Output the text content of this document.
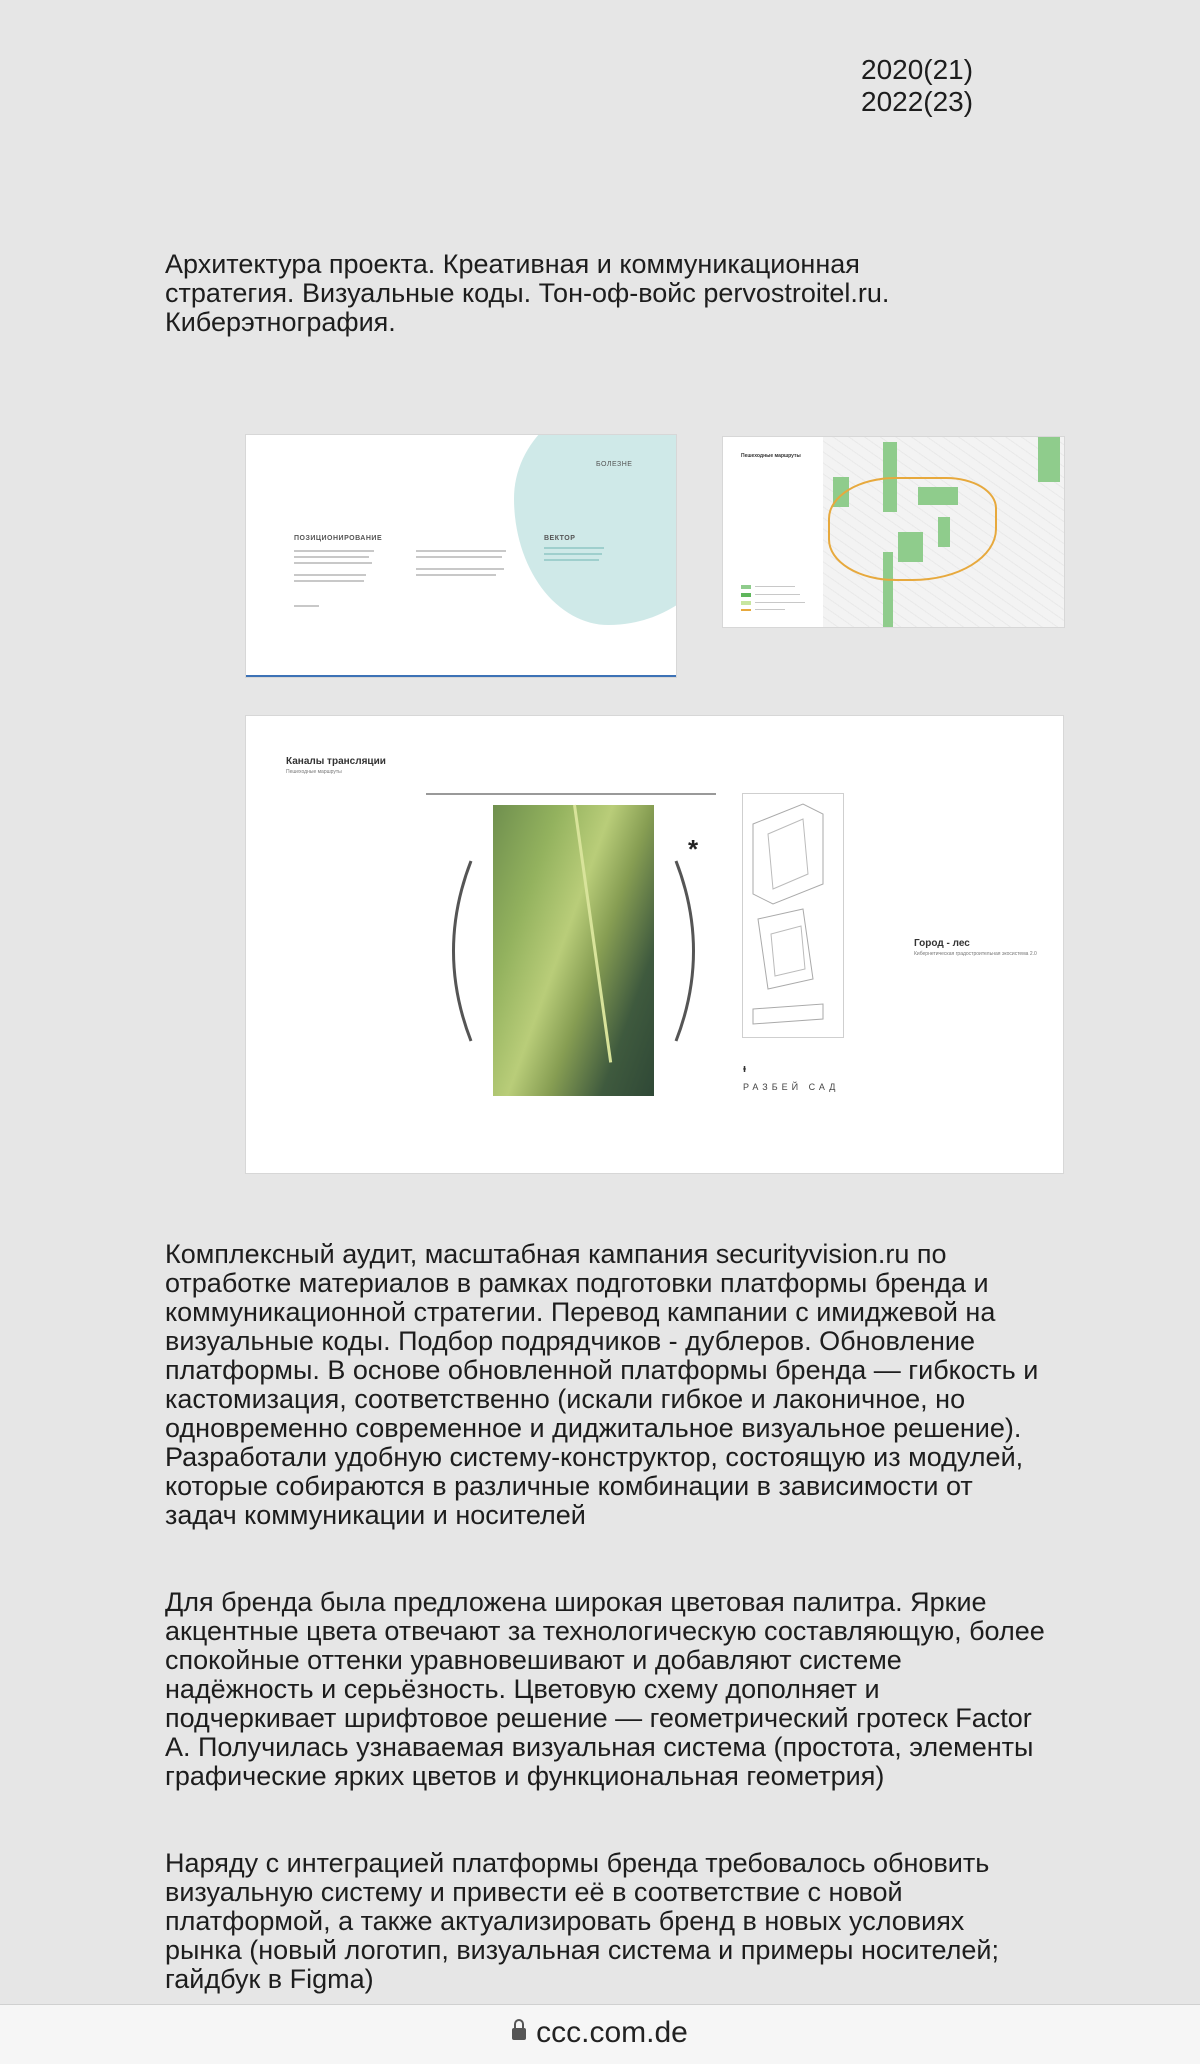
2020(21)
2022(23)
Архитектура проекта. Креативная и коммуникационная стратегия. Визуальные коды. Тон-оф-войс pervostroitel.ru. Киберэтнография.
БОЛЕЗНЕ
ПОЗИЦИОНИРОВАНИЕ	ВЕКТОР
Пешеходные маршруты
Каналы трансляции
Пешеходные маршруты
*
ᵼ
РАЗБЕЙ САД
Город - лес
Кибернетическая градостроительная экосистема 2.0
Комплексный аудит, масштабная кампания securityvision.ru по отработке материалов в рамках подготовки платформы бренда и коммуникационной стратегии. Перевод кампании с имиджевой на визуальные коды. Подбор подрядчиков - дублеров. Обновление платформы. В основе обновленной платформы бренда — гибкость и кастомизация, соответственно (искали гибкое и лаконичное, но одновременно современное и диджитальное визуальное решение). Разработали удобную систему-конструктор, состоящую из модулей, которые собираются в различные комбинации в зависимости от задач коммуникации и носителей
Для бренда была предложена широкая цветовая палитра. Яркие акцентные цвета отвечают за технологическую составляющую, более спокойные оттенки уравновешивают и добавляют системе надёжность и серьёзность. Цветовую схему дополняет и подчеркивает шрифтовое решение — геометрический гротеск Factor A. Получилась узнаваемая визуальная система (простота, элементы графические ярких цветов и функциональная геометрия)
Наряду с интеграцией платформы бренда требовалось обновить визуальную систему и привести её в соответствие с новой платформой, а также актуализировать бренд в новых условиях рынка (новый логотип, визуальная система и примеры носителей; гайдбук в Figma)
ccc.com.de
